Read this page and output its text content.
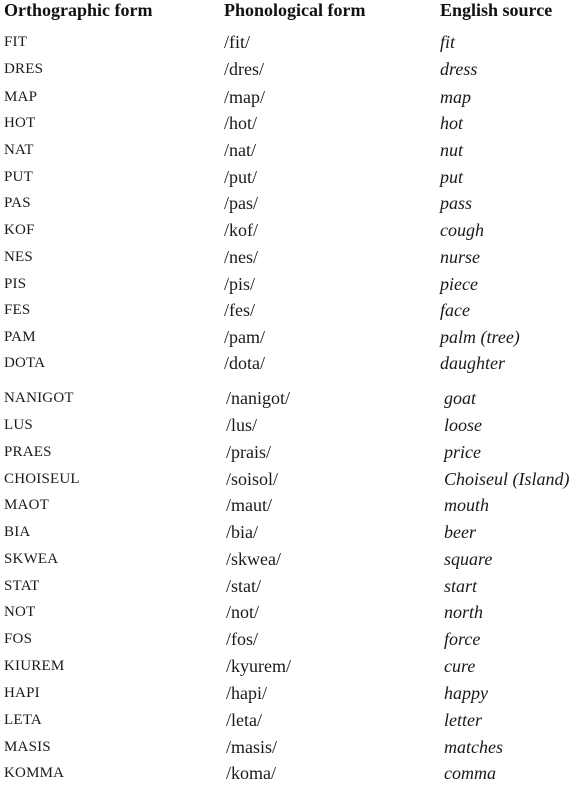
Orthographic form	Phonological form	English source
FIT	/fit/	fit
DRES	/dres/	dress
MAP	/map/	map
HOT	/hot/	hot
NAT	/nat/	nut
PUT	/put/	put
PAS	/pas/	pass
KOF	/kof/	cough
NES	/nes/	nurse
PIS	/pis/	piece
FES	/fes/	face
PAM	/pam/	palm (tree)
DOTA	/dota/	daughter
NANIGOT	/nanigot/	goat
LUS	/lus/	loose
PRAES	/prais/	price
CHOISEUL	/soisol/	Choiseul (Island)
MAOT	/maut/	mouth
BIA	/bia/	beer
SKWEA	/skwea/	square
STAT	/stat/	start
NOT	/not/	north
FOS	/fos/	force
KIUREM	/kyurem/	cure
HAPI	/hapi/	happy
LETA	/leta/	letter
MASIS	/masis/	matches
KOMMA	/koma/	comma
